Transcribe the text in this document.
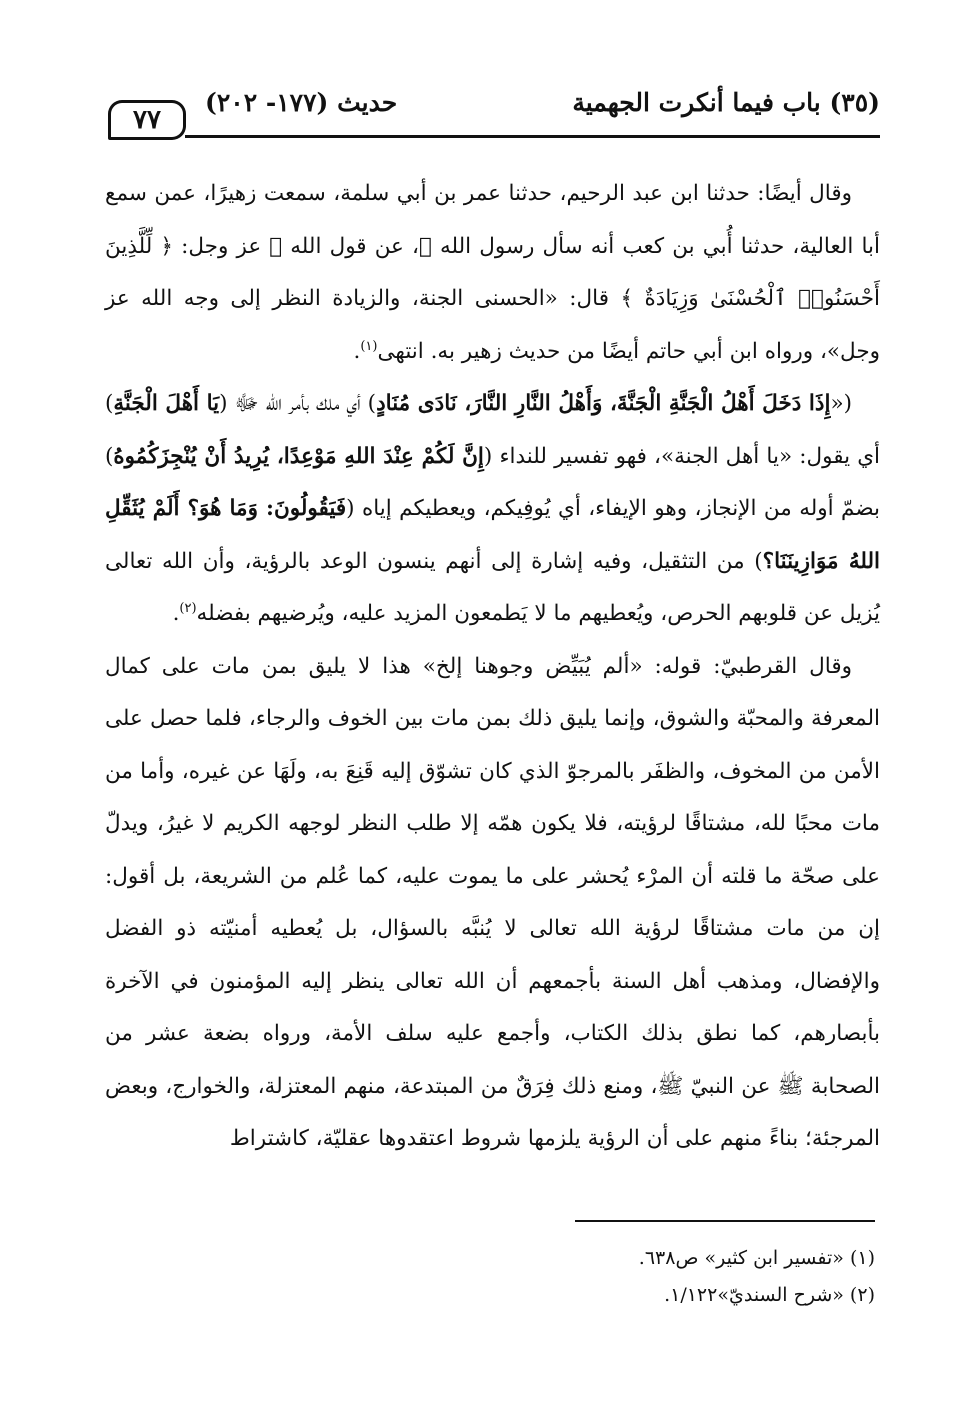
٧٧
حديث (١٧٧- ٢٠٢)	(٣٥) باب فيما أنكرت الجهمية

وقال أيضًا: حدثنا ابن عبد الرحيم، حدثنا عمر بن أبي سلمة، سمعت زهيرًا، عمن سمع أبا العالية، حدثنا أُبي بن كعب أنه سأل رسول الله ﷺ، عن قول الله ﷻ عز وجل: ﴿ لِّلَّذِينَ أَحْسَنُوا۟ ٱلْحُسْنَىٰ وَزِيَادَةٌ ﴾ قال: «الحسنى الجنة، والزيادة النظر إلى وجه الله عز وجل»، ورواه ابن أبي حاتم أيضًا من حديث زهير به. انتهى$^{(١)}$.

(«إِذَا دَخَلَ أَهْلُ الْجَنَّةِ الْجَنَّةَ، وَأَهْلُ النَّارِ النَّارَ، نَادَى مُنَادٍ) أي ملك بأمر الله ﷻ (يَا أَهْلَ الْجَنَّةِ) أي يقول: «يا أهل الجنة»، فهو تفسير للنداء (إِنَّ لَكُمْ عِنْدَ اللهِ مَوْعِدًا، يُرِيدُ أَنْ يُنْجِزَكُمُوهُ) بضمّ أوله من الإنجاز، وهو الإيفاء، أي يُوفِيكم، ويعطيكم إياه (فَيَقُولُونَ: وَمَا هُوَ؟ أَلَمْ يُثَقِّلِ اللهُ مَوَازِينَنَا؟) من التثقيل، وفيه إشارة إلى أنهم ينسون الوعد بالرؤية، وأن الله تعالى يُزيل عن قلوبهم الحرص، ويُعطيهم ما لا يَطمعون المزيد عليه، ويُرضيهم بفضله$^{(٢)}$.

وقال القرطبيّ: قوله: «ألم يُبَيِّض وجوهنا إلخ» هذا لا يليق بمن مات على كمال المعرفة والمحبّة والشوق، وإنما يليق ذلك بمن مات بين الخوف والرجاء، فلما حصل على الأمن من المخوف، والظفَر بالمرجوّ الذي كان تشوّق إليه قَنِعَ به، ولَهَا عن غيره، وأما من مات محبًا لله، مشتاقًا لرؤيته، فلا يكون همّه إلا طلب النظر لوجهه الكريم لا غيرُ، ويدلّ على صحّة ما قلته أن المرْء يُحشر على ما يموت عليه، كما عُلم من الشريعة، بل أقول: إن من مات مشتاقًا لرؤية الله تعالى لا يُنبَّه بالسؤال، بل يُعطيه أمنيّته ذو الفضل والإفضال، ومذهب أهل السنة بأجمعهم أن الله تعالى ينظر إليه المؤمنون في الآخرة بأبصارهم، كما نطق بذلك الكتاب، وأجمع عليه سلف الأمة، ورواه بضعة عشر من الصحابة ﷺ عن النبيّ ﷺ، ومنع ذلك فِرَقٌ من المبتدعة، منهم المعتزلة، والخوارج، وبعض المرجئة؛ بناءً منهم على أن الرؤية يلزمها شروط اعتقدوها عقليّة، كاشتراط

(١) «تفسير ابن كثير» ص٦٣٨.

(٢) «شرح السنديّ»١/١٢٢.
